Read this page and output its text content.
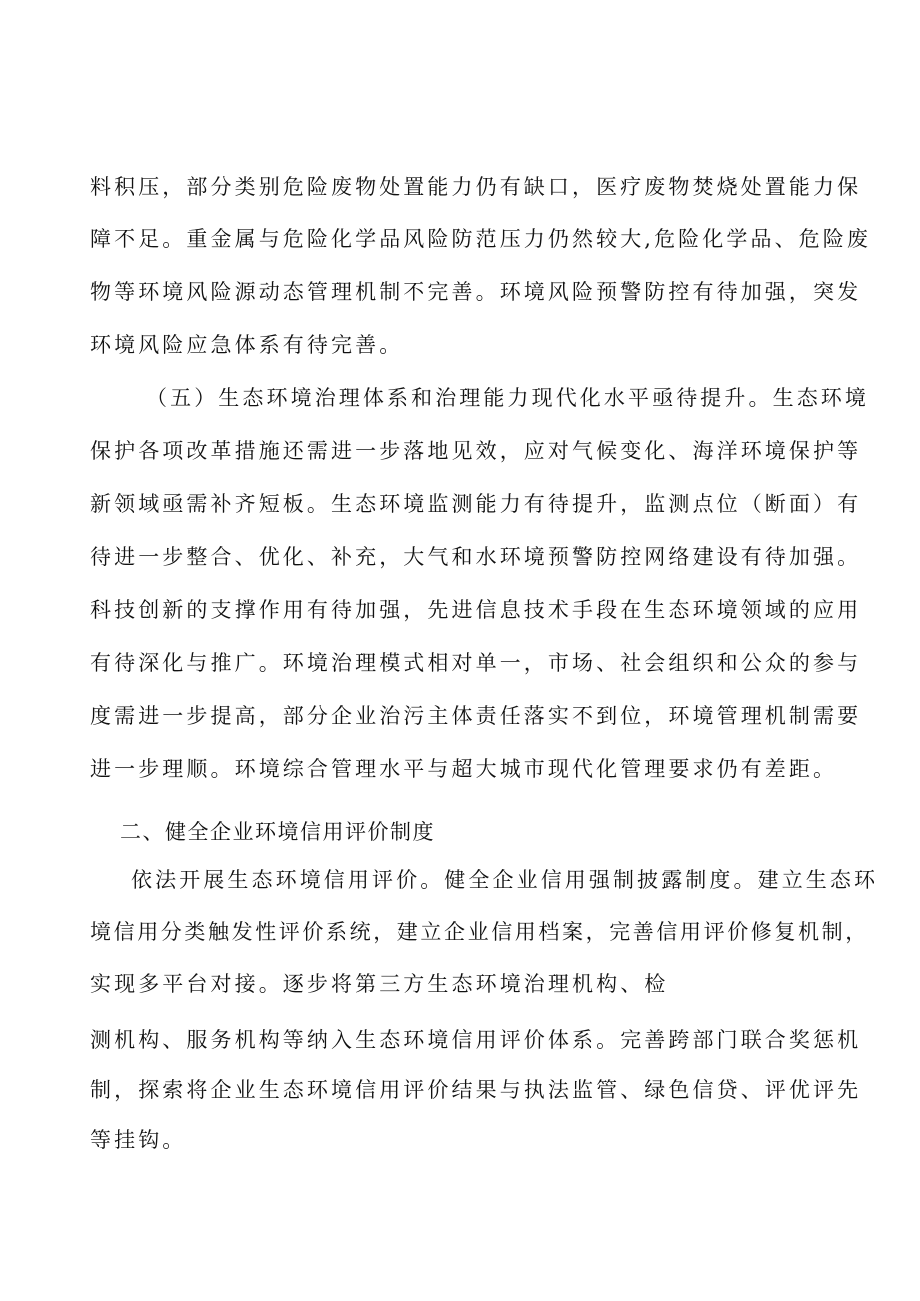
料积压，部分类别危险废物处置能力仍有缺口，医疗废物焚烧处置能力保
障不足。重金属与危险化学品风险防范压力仍然较大,危险化学品、危险废
物等环境风险源动态管理机制不完善。环境风险预警防控有待加强，突发
环境风险应急体系有待完善。
（五）生态环境治理体系和治理能力现代化水平亟待提升。生态环境
保护各项改革措施还需进一步落地见效，应对气候变化、海洋环境保护等
新领域亟需补齐短板。生态环境监测能力有待提升，监测点位（断面）有
待进一步整合、优化、补充，大气和水环境预警防控网络建设有待加强。
科技创新的支撑作用有待加强，先进信息技术手段在生态环境领域的应用
有待深化与推广。环境治理模式相对单一，市场、社会组织和公众的参与
度需进一步提高，部分企业治污主体责任落实不到位，环境管理机制需要
进一步理顺。环境综合管理水平与超大城市现代化管理要求仍有差距。
二、健全企业环境信用评价制度
依法开展生态环境信用评价。健全企业信用强制披露制度。建立生态环
境信用分类触发性评价系统，建立企业信用档案，完善信用评价修复机制，
实现多平台对接。逐步将第三方生态环境治理机构、检
测机构、服务机构等纳入生态环境信用评价体系。完善跨部门联合奖惩机
制，探索将企业生态环境信用评价结果与执法监管、绿色信贷、评优评先
等挂钩。
